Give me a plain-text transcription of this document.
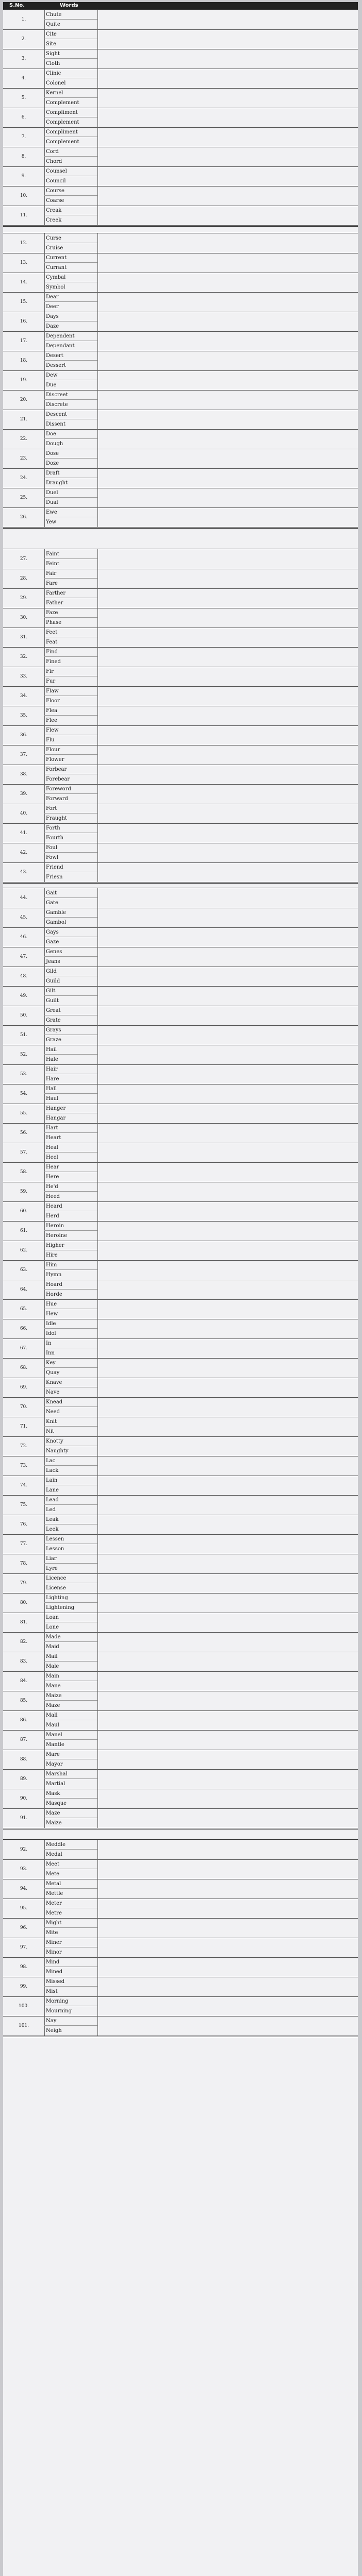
S.No.	Words
1.
Chute
Quite
2.
Cite
Site
3.
Sight
Cloth
4.
Clinic
Colonel
5.
Kernel
Complement
6.
Compliment
Complement
7.
Compliment
Complement
8.
Cord
Chord
9.
Counsel
Council
10.
Course
Coarse
11.
Creak
Creek
12.
Curse
Cruise
13.
Current
Currant
14.
Cymbal
Symbol
15.
Dear
Deer
16.
Days
Daze
17.
Dependent
Dependant
18.
Desert
Dessert
19.
Dew
Due
20.
Discreet
Discrete
21.
Descent
Dissent
22.
Doe
Dough
23.
Dose
Doze
24.
Draft
Draught
25.
Duel
Dual
26.
Ewe
Yew
27.
Faint
Feint
28.
Fair
Fare
29.
Farther
Father
30.
Faze
Phase
31.
Feet
Feat
32.
Find
Fined
33.
Fir
Fur
34.
Flaw
Floor
35.
Flea
Flee
36.
Flew
Flu
37.
Flour
Flower
38.
Forbear
Forebear
39.
Foreword
Forward
40.
Fort
Fraught
41.
Forth
Fourth
42.
Foul
Fowl
43.
Friend
Friesn
44.
Gait
Gate
45.
Gamble
Gambol
46.
Gays
Gaze
47.
Genes
Jeans
48.
Gild
Guild
49.
Gilt
Guilt
50.
Great
Grate
51.
Grays
Graze
52.
Hail
Hale
53.
Hair
Hare
54.
Hall
Haul
55.
Hanger
Hangar
56.
Hart
Heart
57.
Heal
Heel
58.
Hear
Here
59.
He'd
Heed
60.
Heard
Herd
61.
Heroin
Heroine
62.
Higher
Hire
63.
Him
Hymn
64.
Hoard
Horde
65.
Hue
Hew
66.
Idle
Idol
67.
In
Inn
68.
Key
Quay
69.
Knave
Nave
70.
Knead
Need
71.
Knit
Nit
72.
Knotty
Naughty
73.
Lac
Lack
74.
Lain
Lane
75.
Lead
Led
76.
Leak
Leek
77.
Lessen
Lesson
78.
Liar
Lyre
79.
Licence
License
80.
Lighting
Lightening
81.
Loan
Lone
82.
Made
Maid
83.
Mail
Male
84.
Main
Mane
85.
Maize
Maze
86.
Mall
Maul
87.
Manel
Mantle
88.
Mare
Mayor
89.
Marshal
Martial
90.
Mask
Masque
91.
Maze
Maize
92.
Meddle
Medal
93.
Meet
Mete
94.
Metal
Mettle
95.
Meter
Metre
96.
Might
Mite
97.
Miner
Minor
98.
Mind
Mined
99.
Missed
Mist
100.
Morning
Mourning
101.
Nay
Neigh
